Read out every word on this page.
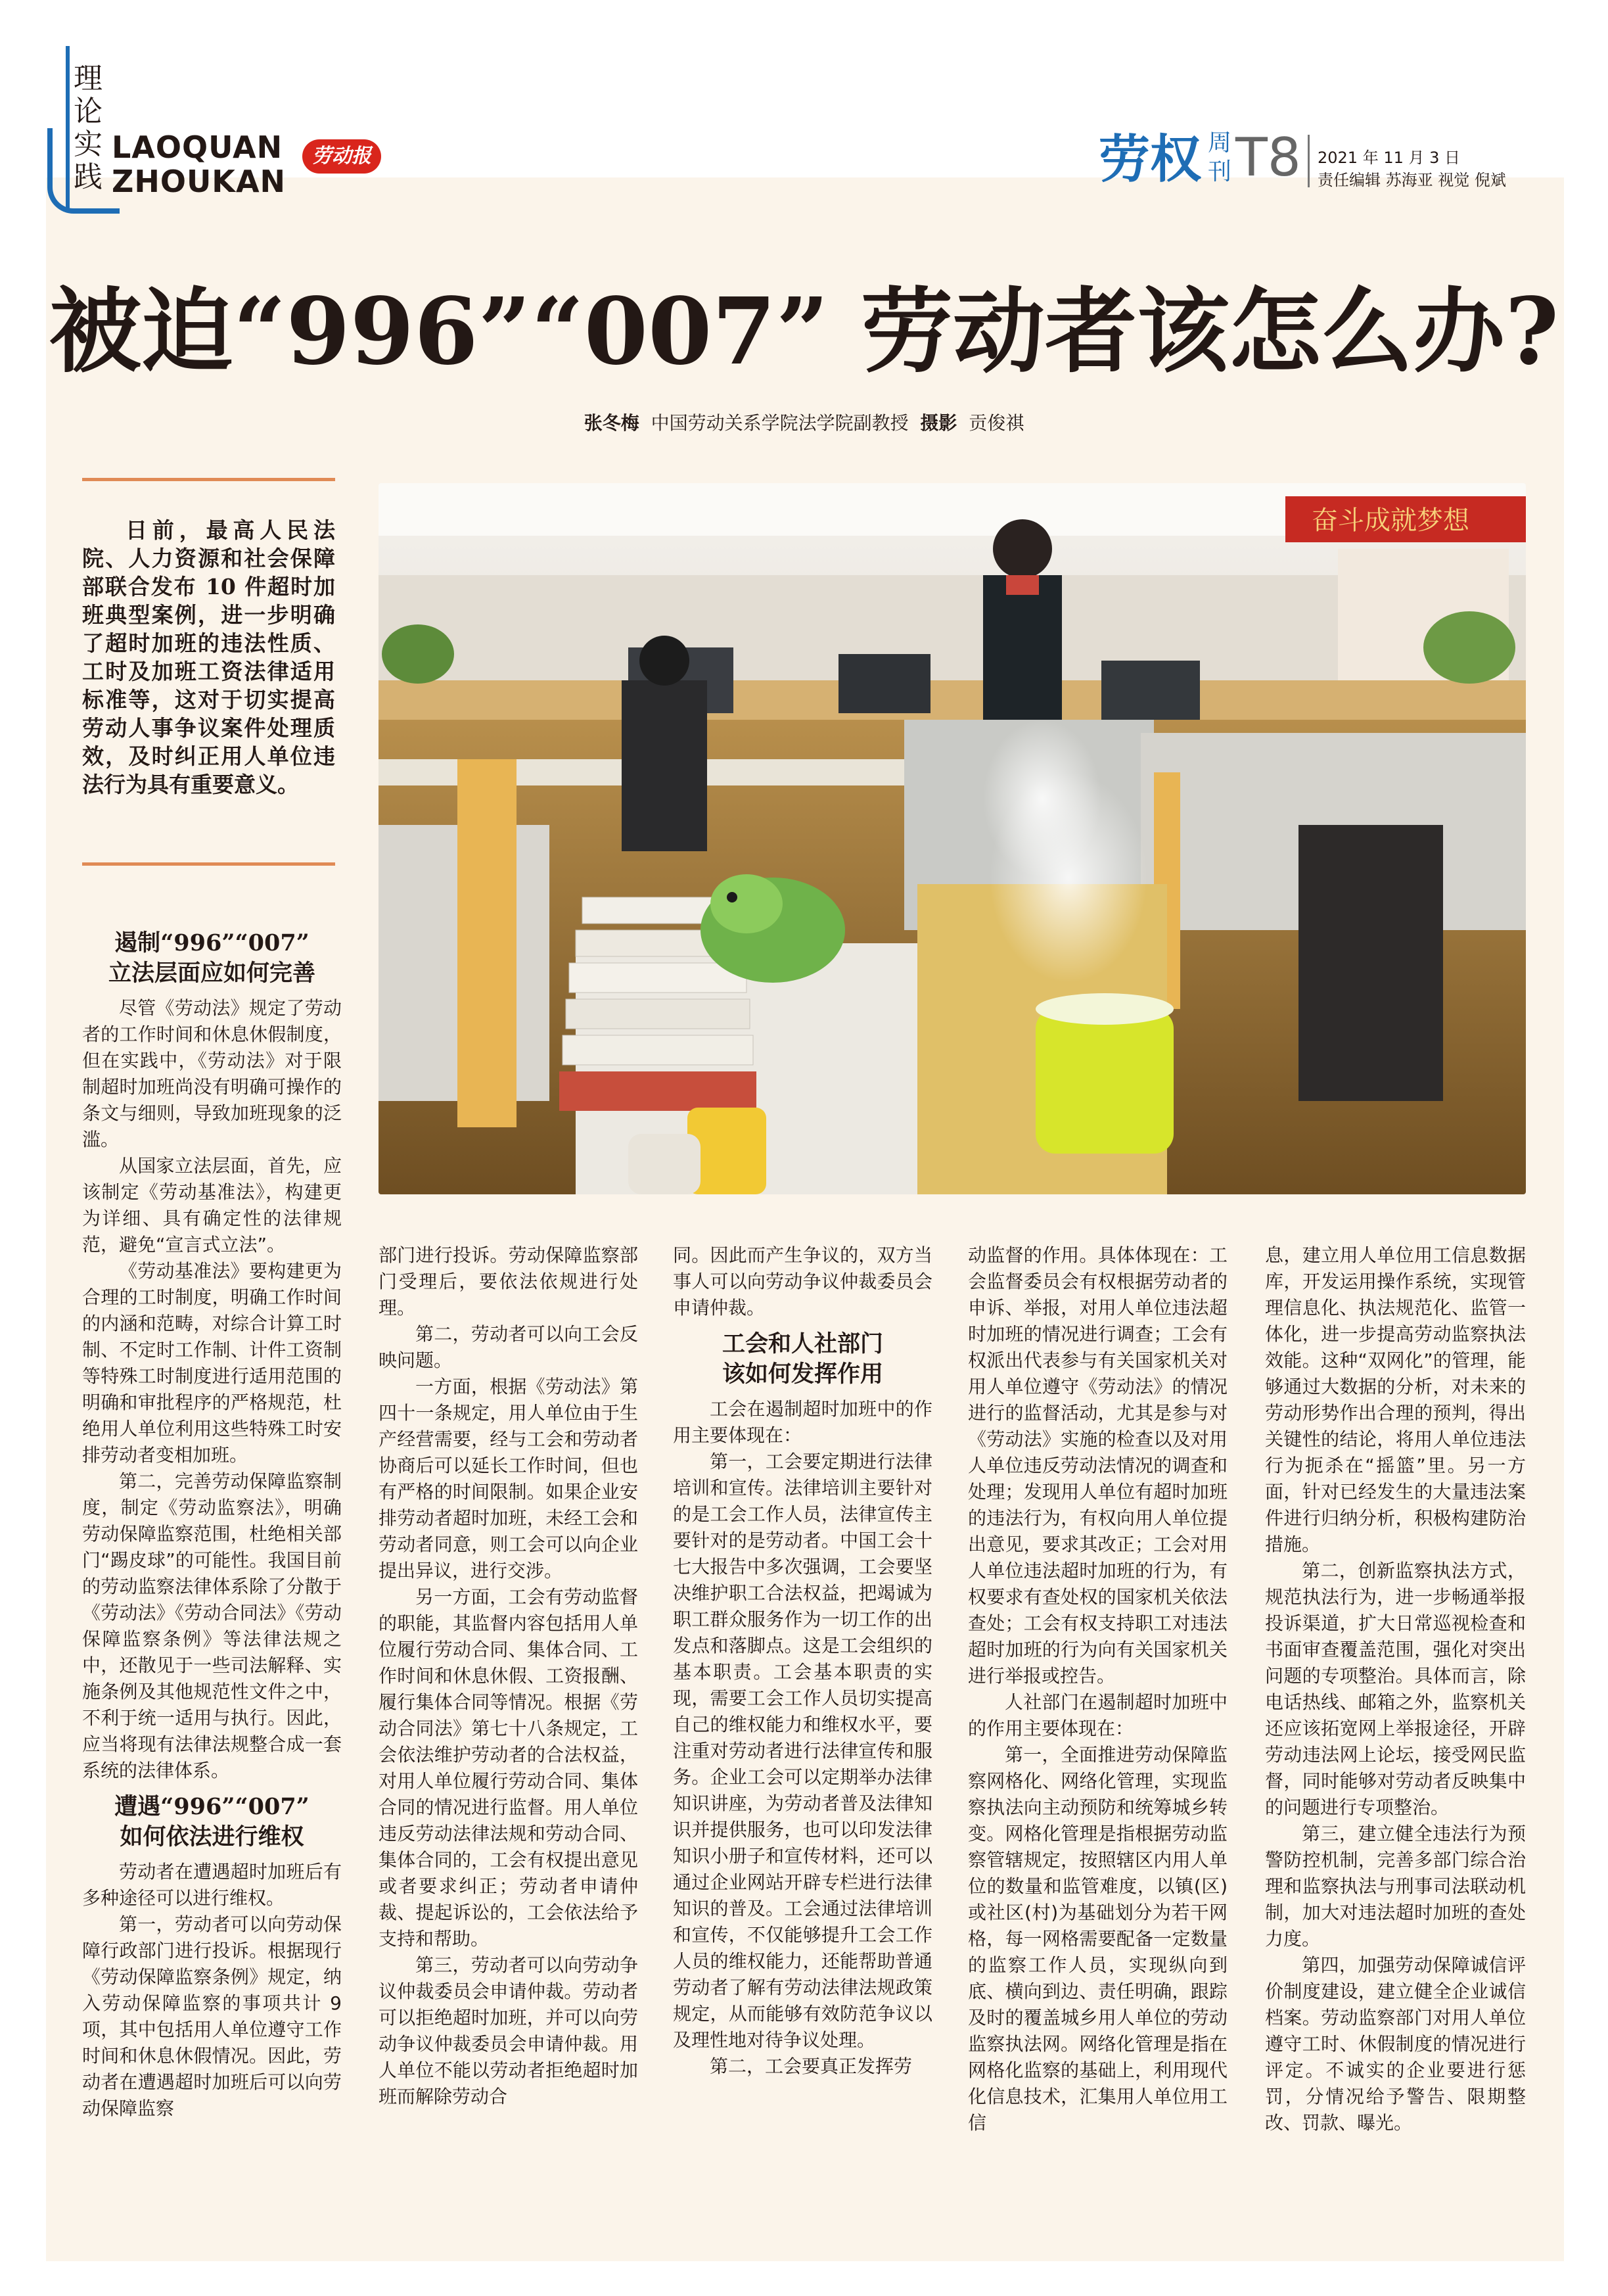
理
论
实
践
LAOQUAN
ZHOUKAN
劳动报	劳权 周
刊 T8 2021 年 11 月 3 日
责任编辑 苏海亚 视觉 倪斌
被迫“996”“007” 劳动者该怎么办?
张冬梅 中国劳动关系学院法学院副教授 摄影 贡俊祺

日前，最高人民法院、人力资源和社会保障部联合发布 10 件超时加班典型案例，进一步明确了超时加班的违法性质、工时及加班工资法律适用标准等，这对于切实提高劳动人事争议案件处理质效，及时纠正用人单位违法行为具有重要意义。

奋斗成就梦想
遏制“996”“007”
立法层面应如何完善

尽管《劳动法》规定了劳动者的工作时间和休息休假制度，但在实践中，《劳动法》对于限制超时加班尚没有明确可操作的条文与细则，导致加班现象的泛滥。

从国家立法层面，首先，应该制定《劳动基准法》，构建更为详细、具有确定性的法律规范，避免“宣言式立法”。

《劳动基准法》要构建更为合理的工时制度，明确工作时间的内涵和范畴，对综合计算工时制、不定时工作制、计件工资制等特殊工时制度进行适用范围的明确和审批程序的严格规范，杜绝用人单位利用这些特殊工时安排劳动者变相加班。

第二，完善劳动保障监察制度，制定《劳动监察法》，明确劳动保障监察范围，杜绝相关部门“踢皮球”的可能性。我国目前的劳动监察法律体系除了分散于《劳动法》《劳动合同法》《劳动保障监察条例》等法律法规之中，还散见于一些司法解释、实施条例及其他规范性文件之中，不利于统一适用与执行。因此，应当将现有法律法规整合成一套系统的法律体系。

遭遇“996”“007”
如何依法进行维权

劳动者在遭遇超时加班后有多种途径可以进行维权。

第一，劳动者可以向劳动保障行政部门进行投诉。根据现行《劳动保障监察条例》规定，纳入劳动保障监察的事项共计 9 项，其中包括用人单位遵守工作时间和休息休假情况。因此，劳动者在遭遇超时加班后可以向劳动保障监察

部门进行投诉。劳动保障监察部门受理后，要依法依规进行处理。

第二，劳动者可以向工会反映问题。

一方面，根据《劳动法》第四十一条规定，用人单位由于生产经营需要，经与工会和劳动者协商后可以延长工作时间，但也有严格的时间限制。如果企业安排劳动者超时加班，未经工会和劳动者同意，则工会可以向企业提出异议，进行交涉。

另一方面，工会有劳动监督的职能，其监督内容包括用人单位履行劳动合同、集体合同、工作时间和休息休假、工资报酬、履行集体合同等情况。根据《劳动合同法》第七十八条规定，工会依法维护劳动者的合法权益，对用人单位履行劳动合同、集体合同的情况进行监督。用人单位违反劳动法律法规和劳动合同、集体合同的，工会有权提出意见或者要求纠正；劳动者申请仲裁、提起诉讼的，工会依法给予支持和帮助。

第三，劳动者可以向劳动争议仲裁委员会申请仲裁。劳动者可以拒绝超时加班，并可以向劳动争议仲裁委员会申请仲裁。用人单位不能以劳动者拒绝超时加班而解除劳动合

同。因此而产生争议的，双方当事人可以向劳动争议仲裁委员会申请仲裁。

工会和人社部门
该如何发挥作用

工会在遏制超时加班中的作用主要体现在：

第一，工会要定期进行法律培训和宣传。法律培训主要针对的是工会工作人员，法律宣传主要针对的是劳动者。中国工会十七大报告中多次强调，工会要坚决维护职工合法权益，把竭诚为职工群众服务作为一切工作的出发点和落脚点。这是工会组织的基本职责。工会基本职责的实现，需要工会工作人员切实提高自己的维权能力和维权水平，要注重对劳动者进行法律宣传和服务。企业工会可以定期举办法律知识讲座，为劳动者普及法律知识并提供服务，也可以印发法律知识小册子和宣传材料，还可以通过企业网站开辟专栏进行法律知识的普及。工会通过法律培训和宣传，不仅能够提升工会工作人员的维权能力，还能帮助普通劳动者了解有劳动法律法规政策规定，从而能够有效防范争议以及理性地对待争议处理。

第二，工会要真正发挥劳

动监督的作用。具体体现在：工会监督委员会有权根据劳动者的申诉、举报，对用人单位违法超时加班的情况进行调查；工会有权派出代表参与有关国家机关对用人单位遵守《劳动法》的情况进行的监督活动，尤其是参与对《劳动法》实施的检查以及对用人单位违反劳动法情况的调查和处理；发现用人单位有超时加班的违法行为，有权向用人单位提出意见，要求其改正；工会对用人单位违法超时加班的行为，有权要求有查处权的国家机关依法查处；工会有权支持职工对违法超时加班的行为向有关国家机关进行举报或控告。

人社部门在遏制超时加班中的作用主要体现在：

第一，全面推进劳动保障监察网格化、网络化管理，实现监察执法向主动预防和统筹城乡转变。网格化管理是指根据劳动监察管辖规定，按照辖区内用人单位的数量和监管难度，以镇(区)或社区(村)为基础划分为若干网格，每一网格需要配备一定数量的监察工作人员，实现纵向到底、横向到边、责任明确，跟踪及时的覆盖城乡用人单位的劳动监察执法网。网络化管理是指在网格化监察的基础上，利用现代化信息技术，汇集用人单位用工信

息，建立用人单位用工信息数据库，开发运用操作系统，实现管理信息化、执法规范化、监管一体化，进一步提高劳动监察执法效能。这种“双网化”的管理，能够通过大数据的分析，对未来的劳动形势作出合理的预判，得出关键性的结论，将用人单位违法行为扼杀在“摇篮”里。另一方面，针对已经发生的大量违法案件进行归纳分析，积极构建防治措施。

第二，创新监察执法方式，规范执法行为，进一步畅通举报投诉渠道，扩大日常巡视检查和书面审查覆盖范围，强化对突出问题的专项整治。具体而言，除电话热线、邮箱之外，监察机关还应该拓宽网上举报途径，开辟劳动违法网上论坛，接受网民监督，同时能够对劳动者反映集中的问题进行专项整治。

第三，建立健全违法行为预警防控机制，完善多部门综合治理和监察执法与刑事司法联动机制，加大对违法超时加班的查处力度。

第四，加强劳动保障诚信评价制度建设，建立健全企业诚信档案。劳动监察部门对用人单位遵守工时、休假制度的情况进行评定。不诚实的企业要进行惩罚，分情况给予警告、限期整改、罚款、曝光。
